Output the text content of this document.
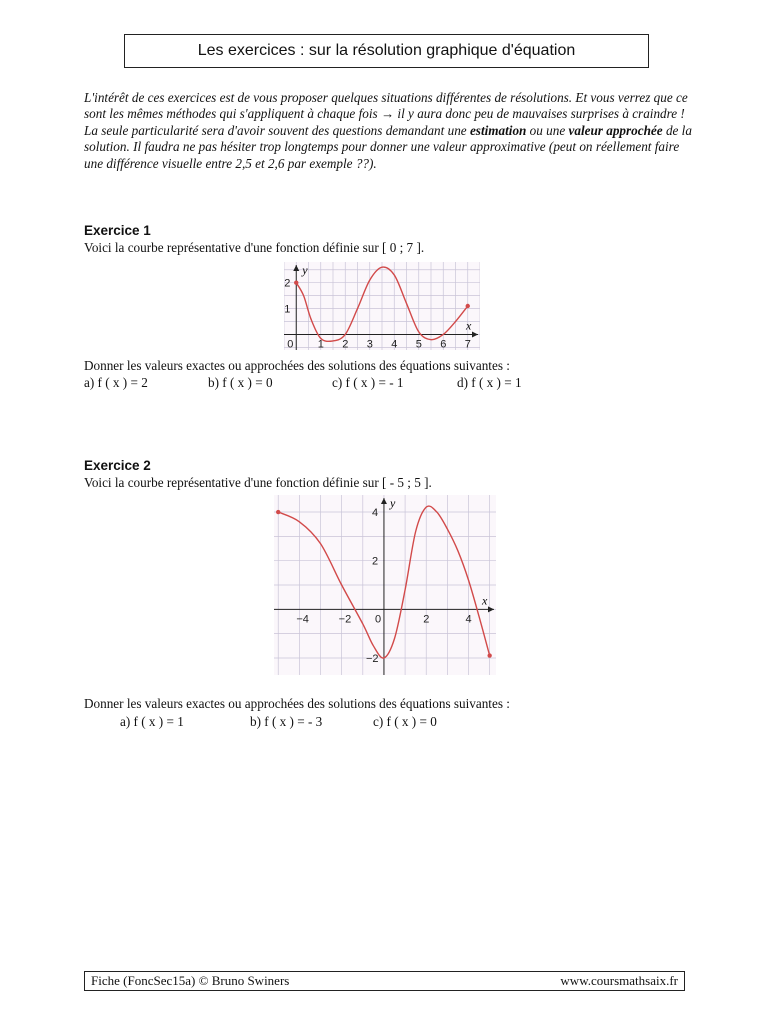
Les exercices : sur la résolution graphique d'équation

L'intérêt de ces exercices est de vous proposer quelques situations différentes de résolutions. Et vous verrez que ce sont les mêmes méthodes qui s'appliquent à chaque fois → il y aura donc peu de mauvaises surprises à craindre !

La seule particularité sera d'avoir souvent des questions demandant une estimation ou une valeur approchée de la solution. Il faudra ne pas hésiter trop longtemps pour donner une valeur approximative (peut on réellement faire une différence visuelle entre 2,5 et 2,6 par exemple ??).

Exercice 1
Voici la courbe représentative d'une fonction définie sur [ 0 ; 7 ].
x
y
0 1 2 3 4 5 6 7
1
2
Donner les valeurs exactes ou approchées des solutions des équations suivantes :
a) f ( x ) = 2	b) f ( x ) = 0	c) f ( x ) = - 1	d) f ( x ) = 1
Exercice 2
Voici la courbe représentative d'une fonction définie sur [ - 5 ; 5 ].
x
y
−4	−2 0	2	4
−2
2
4
Donner les valeurs exactes ou approchées des solutions des équations suivantes :
a) f ( x ) = 1	b) f ( x ) = - 3	c) f ( x ) = 0
Fiche (FoncSec15a) © Bruno Swiners	www.coursmathsaix.fr
